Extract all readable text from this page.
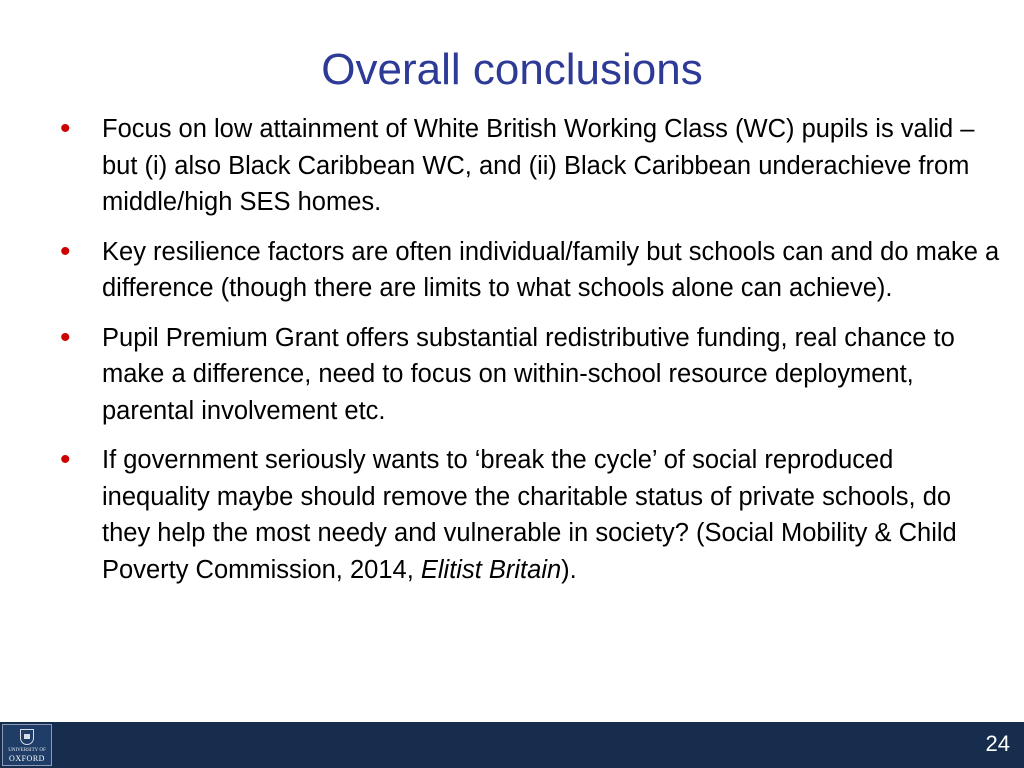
Overall conclusions
• Focus on low attainment of White British Working Class (WC) pupils is valid – but (i) also Black Caribbean WC, and (ii) Black Caribbean underachieve from middle/high SES homes.
• Key resilience factors are often individual/family but schools can and do make a difference (though there are limits to what schools alone can achieve).
• Pupil Premium Grant offers substantial redistributive funding, real chance to make a difference, need to focus on within-school resource deployment, parental involvement etc.
• If government seriously wants to ‘break the cycle’ of social reproduced inequality maybe should remove the charitable status of private schools, do they help the most needy and vulnerable in society? (Social Mobility & Child Poverty Commission, 2014, Elitist Britain).
UNIVERSITY OF
OXFORD
24
